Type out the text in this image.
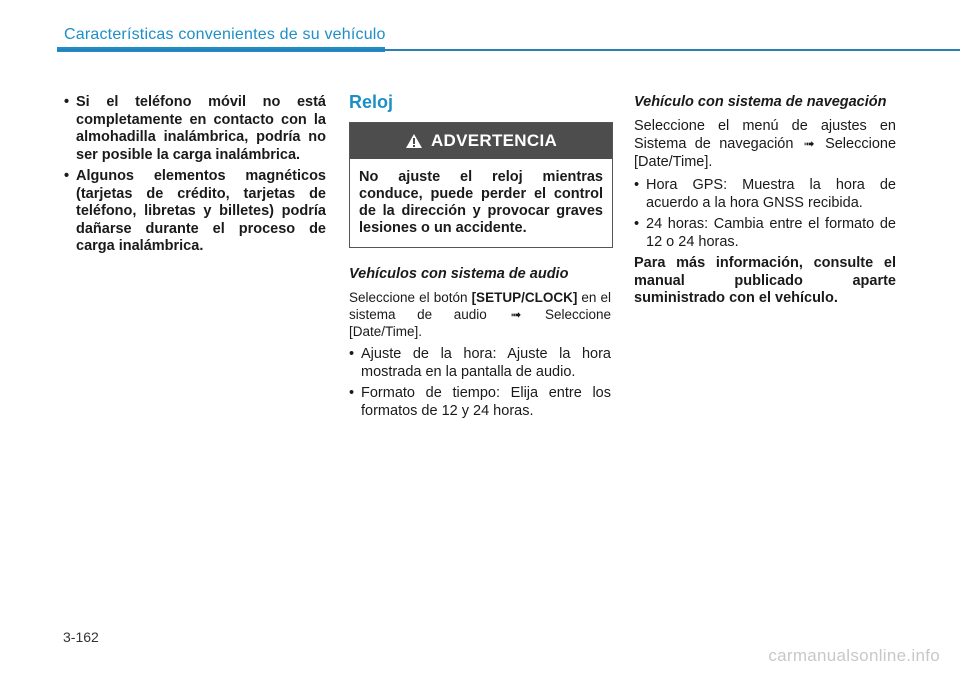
Características convenientes de su vehículo
• Si el teléfono móvil no está completamente en contacto con la almohadilla inalámbrica, podría no ser posible la carga inalámbrica.
• Algunos elementos magnéticos (tarjetas de crédito, tarjetas de teléfono, libretas y billetes) podría dañarse durante el proceso de carga inalámbrica.
Reloj
ADVERTENCIA
No ajuste el reloj mientras conduce, puede perder el control de la dirección y provocar graves lesiones o un accidente.
Vehículos con sistema de audio

Seleccione el botón [SETUP/CLOCK] en el sistema de audio ➟ Seleccione [Date/Time].

• Ajuste de la hora: Ajuste la hora mostrada en la pantalla de audio.
• Formato de tiempo: Elija entre los formatos de 12 y 24 horas.
Vehículo con sistema de navegación

Seleccione el menú de ajustes en Sistema de navegación ➟ Seleccione [Date/Time].

• Hora GPS: Muestra la hora de acuerdo a la hora GNSS recibida.
• 24 horas: Cambia entre el formato de 12 o 24 horas.

Para más información, consulte el manual publicado aparte suministrado con el vehículo.

3-162
carmanualsonline.info
